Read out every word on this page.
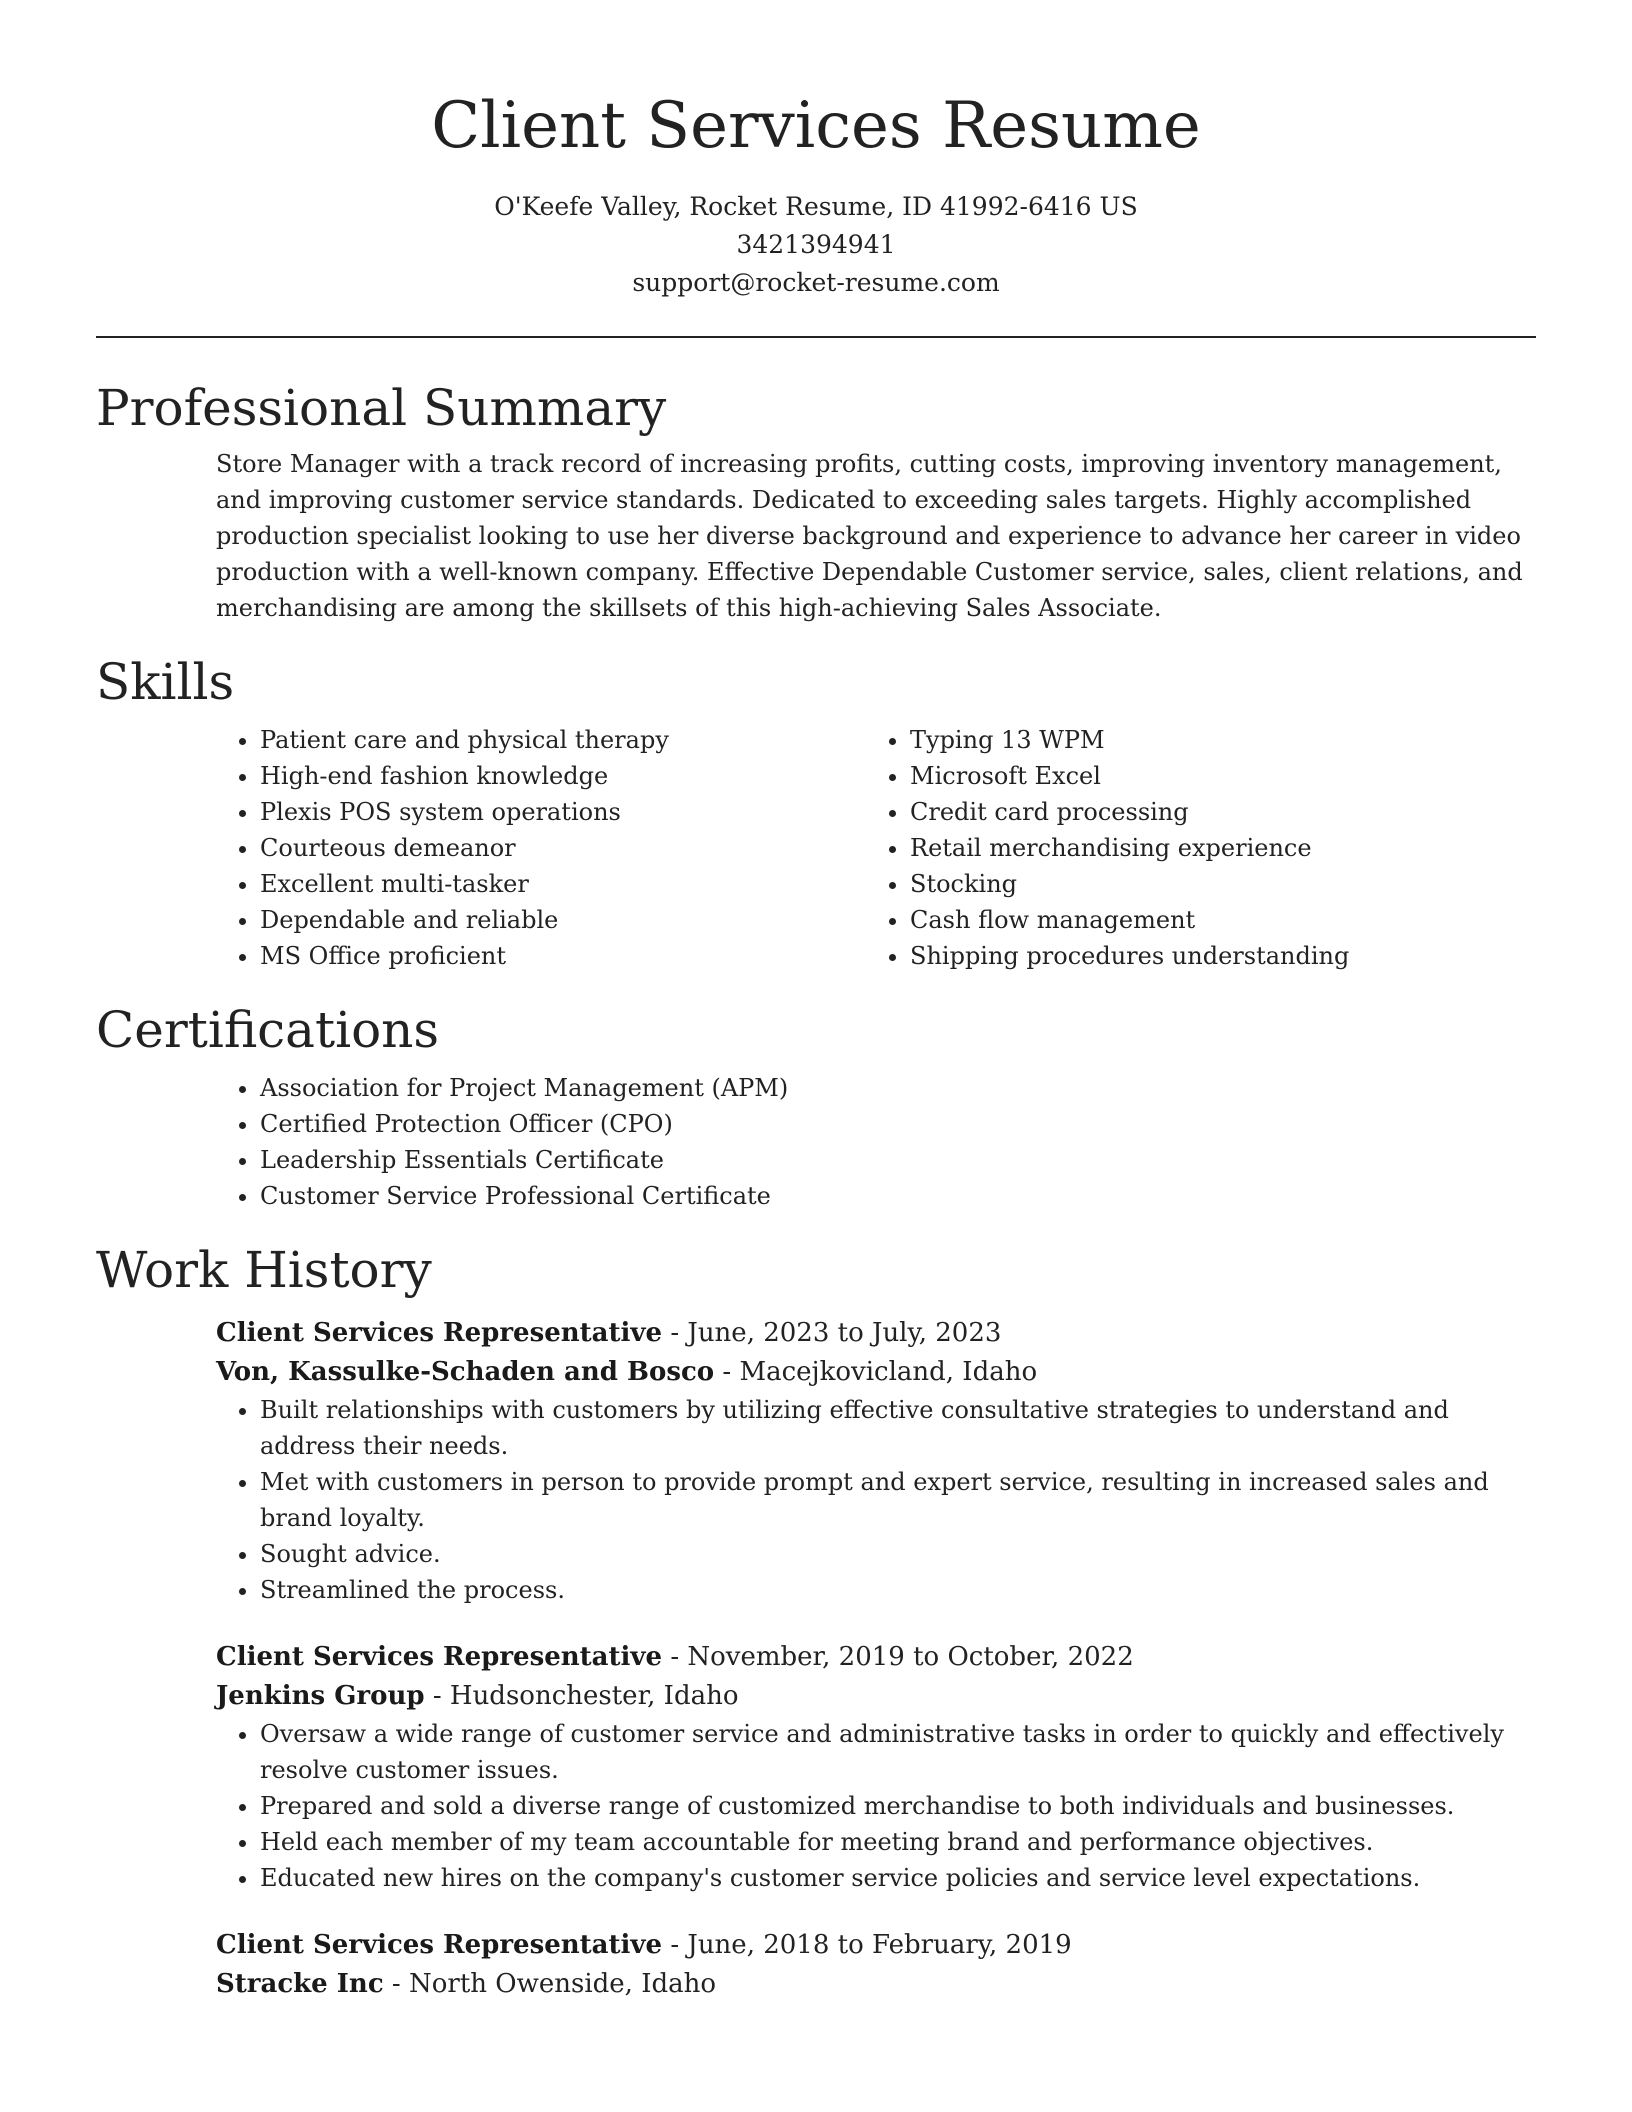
Client Services Resume
O'Keefe Valley, Rocket Resume, ID 41992-6416 US
3421394941
support@rocket-resume.com
Professional Summary

Store Manager with a track record of increasing profits, cutting costs, improving inventory management, and improving customer service standards. Dedicated to exceeding sales targets. Highly accomplished production specialist looking to use her diverse background and experience to advance her career in video production with a well-known company. Effective Dependable Customer service, sales, client relations, and merchandising are among the skillsets of this high-achieving Sales Associate.

Skills
• Patient care and physical therapy
• High-end fashion knowledge
• Plexis POS system operations
• Courteous demeanor
• Excellent multi-tasker
• Dependable and reliable
• MS Office proficient
• Typing 13 WPM
• Microsoft Excel
• Credit card processing
• Retail merchandising experience
• Stocking
• Cash flow management
• Shipping procedures understanding
Certifications
• Association for Project Management (APM)
• Certified Protection Officer (CPO)
• Leadership Essentials Certificate
• Customer Service Professional Certificate
Work History
Client Services Representative - June, 2023 to July, 2023
Von, Kassulke-Schaden and Bosco - Macejkovicland, Idaho
• Built relationships with customers by utilizing effective consultative strategies to understand and address their needs.
• Met with customers in person to provide prompt and expert service, resulting in increased sales and brand loyalty.
• Sought advice.
• Streamlined the process.
Client Services Representative - November, 2019 to October, 2022
Jenkins Group - Hudsonchester, Idaho
• Oversaw a wide range of customer service and administrative tasks in order to quickly and effectively resolve customer issues.
• Prepared and sold a diverse range of customized merchandise to both individuals and businesses.
• Held each member of my team accountable for meeting brand and performance objectives.
• Educated new hires on the company's customer service policies and service level expectations.
Client Services Representative - June, 2018 to February, 2019
Stracke Inc - North Owenside, Idaho
